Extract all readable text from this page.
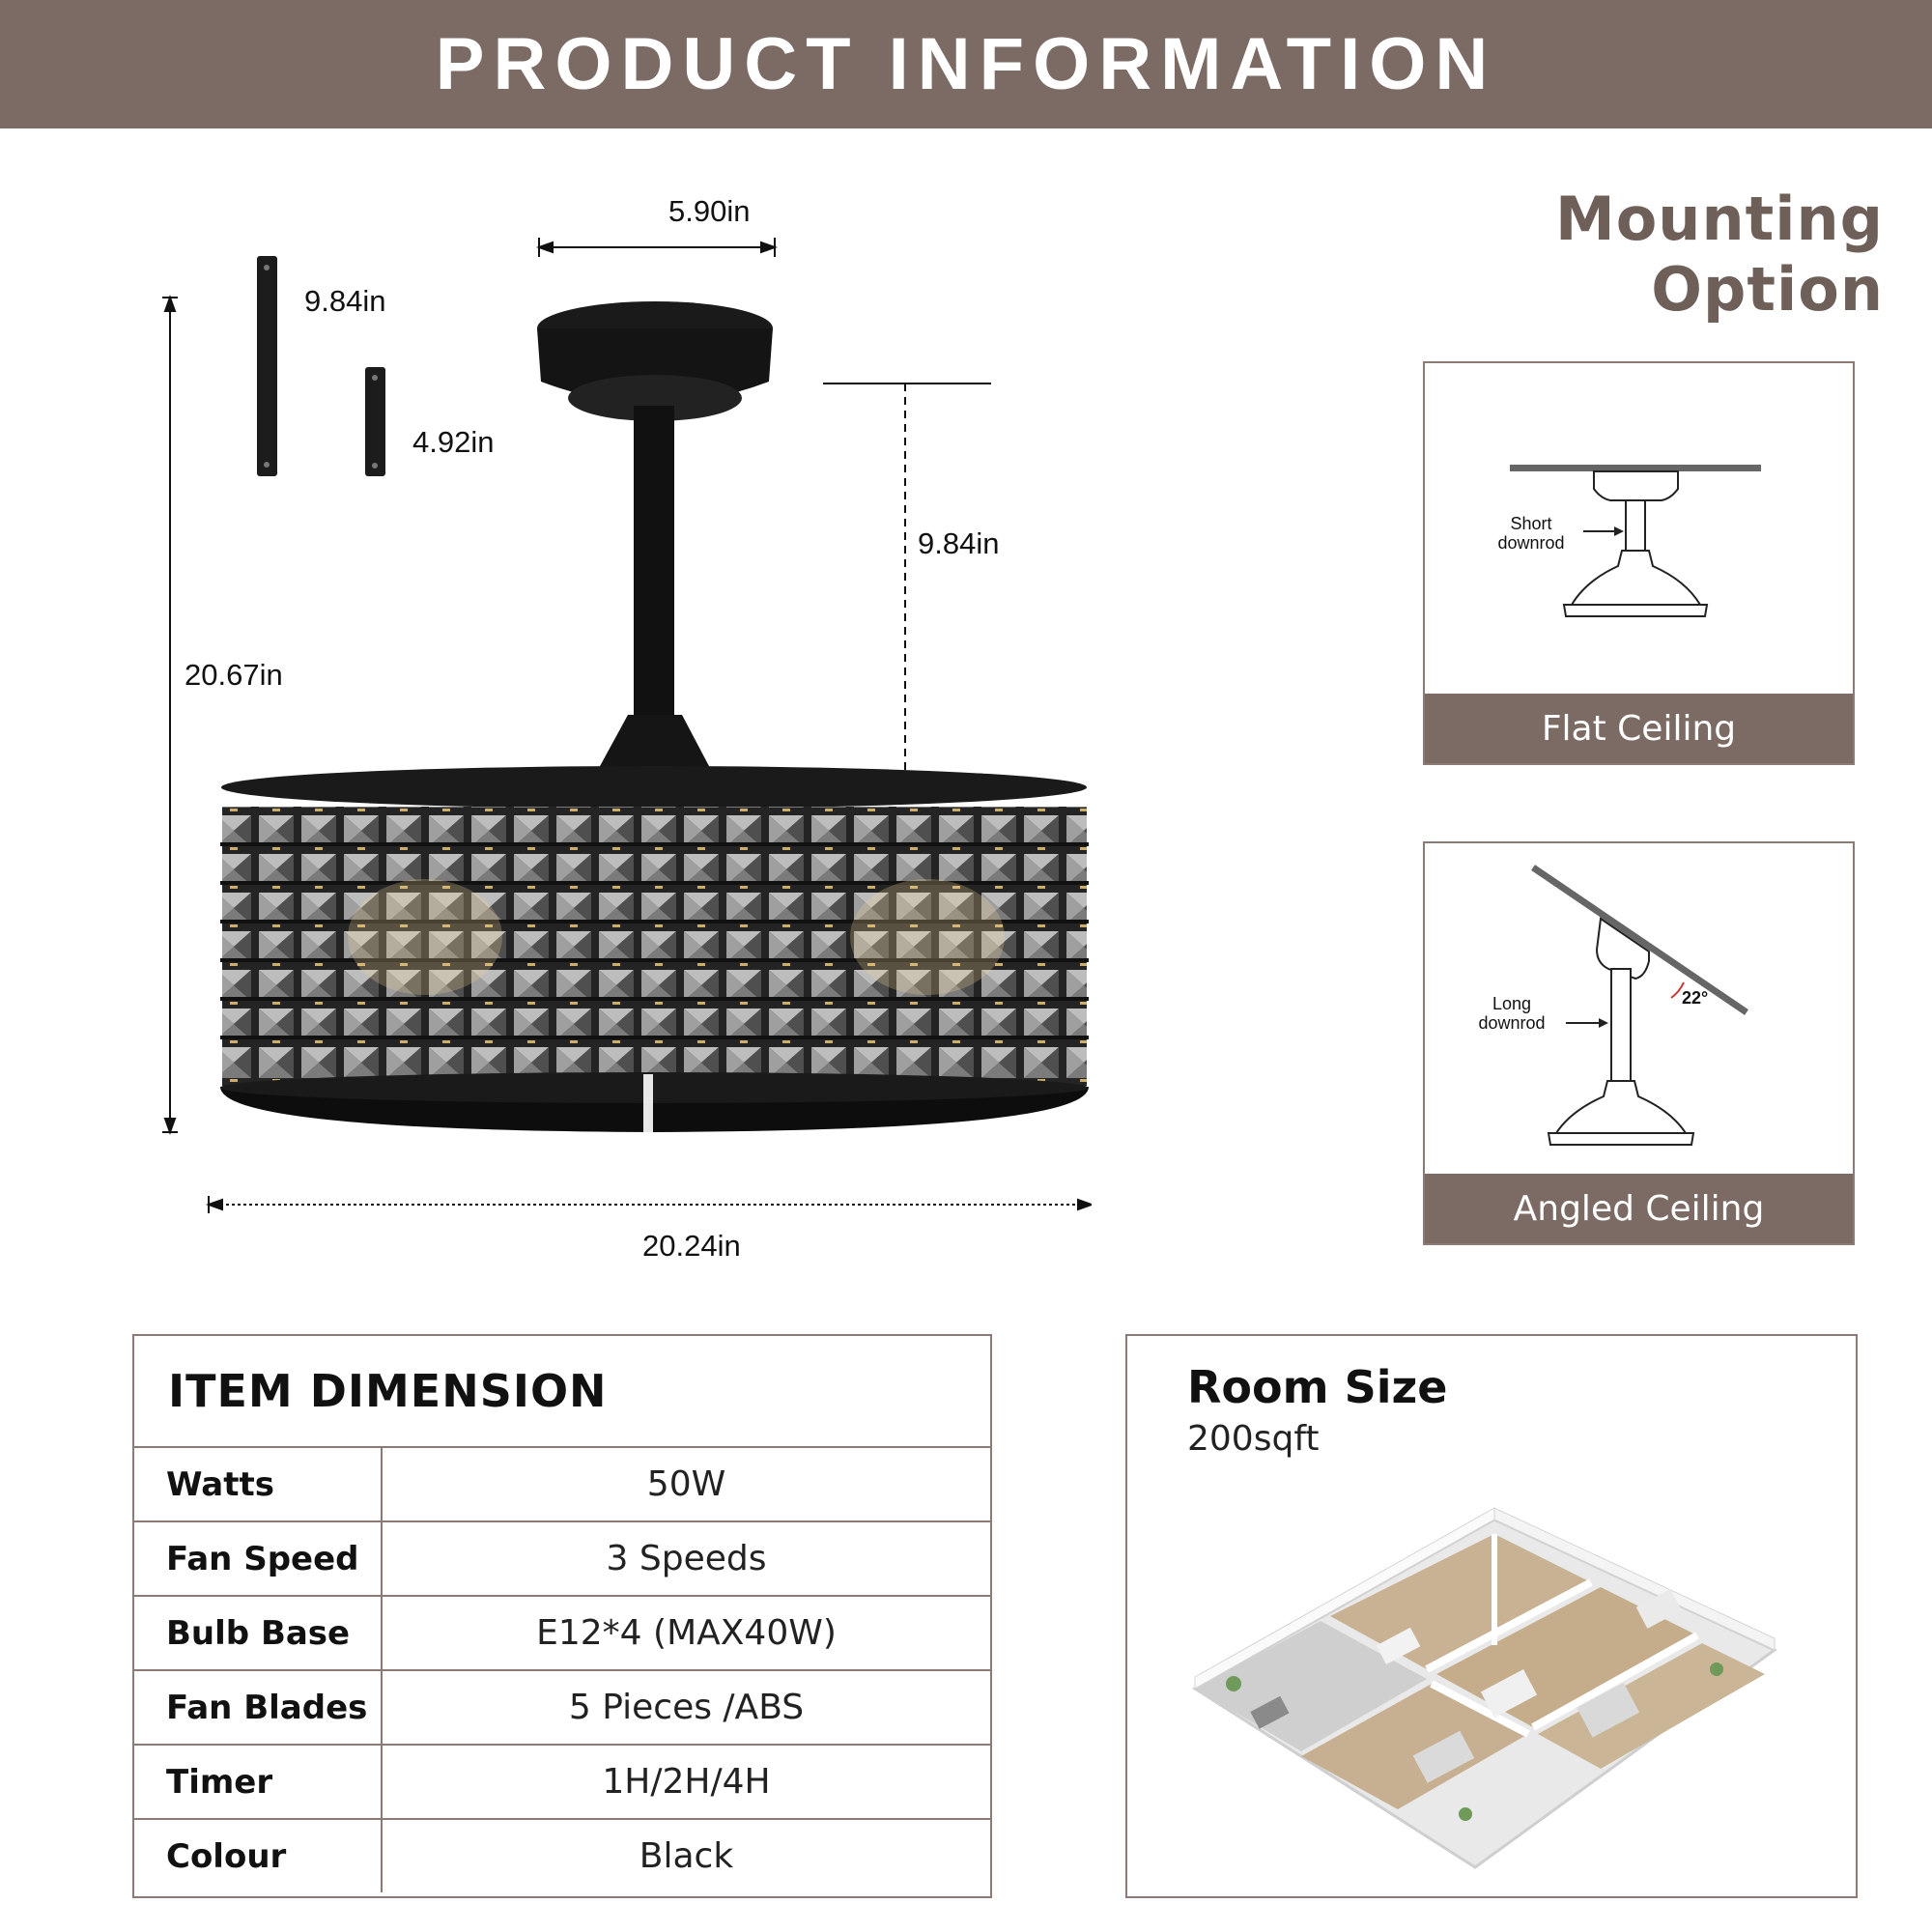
PRODUCT INFORMATION
5.90in
9.84in
4.92in
9.84in
20.67in
20.24in
Mounting Option
Short
downrod
Flat Ceiling
Long
downrod
22°
Angled Ceiling
ITEM DIMENSION
Watts	50W
Fan Speed	3 Speeds
Bulb Base	E12*4 (MAX40W)
Fan Blades	5 Pieces /ABS
Timer	1H/2H/4H
Colour	Black
Room Size
200sqft
